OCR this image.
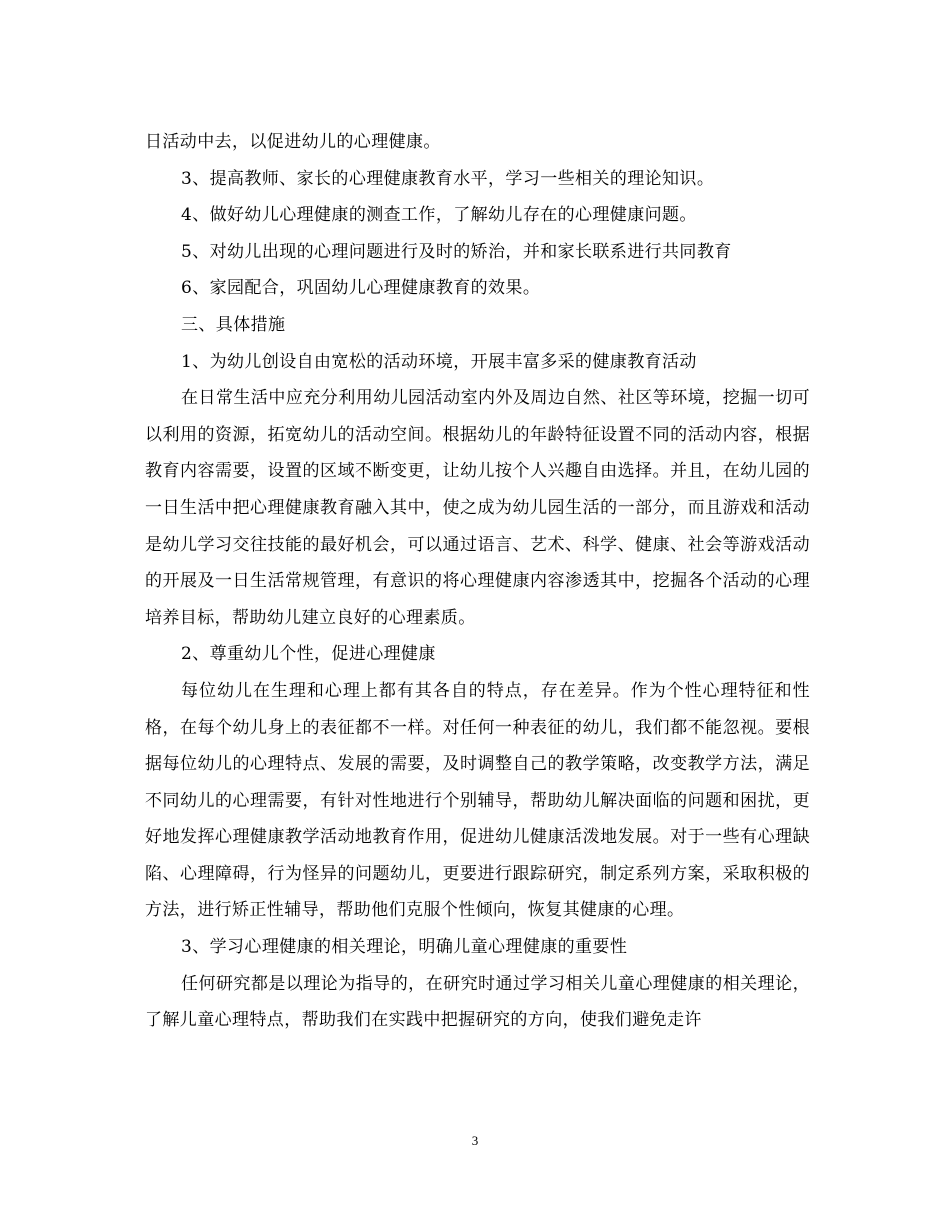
日活动中去，以促进幼儿的心理健康。

3、提高教师、家长的心理健康教育水平，学习一些相关的理论知识。

4、做好幼儿心理健康的测查工作，了解幼儿存在的心理健康问题。

5、对幼儿出现的心理问题进行及时的矫治，并和家长联系进行共同教育

6、家园配合，巩固幼儿心理健康教育的效果。

三、具体措施

1、为幼儿创设自由宽松的活动环境，开展丰富多采的健康教育活动

在日常生活中应充分利用幼儿园活动室内外及周边自然、社区等环境，挖掘一切可以利用的资源，拓宽幼儿的活动空间。根据幼儿的年龄特征设置不同的活动内容，根据教育内容需要，设置的区域不断变更，让幼儿按个人兴趣自由选择。并且，在幼儿园的一日生活中把心理健康教育融入其中，使之成为幼儿园生活的一部分，而且游戏和活动是幼儿学习交往技能的最好机会，可以通过语言、艺术、科学、健康、社会等游戏活动的开展及一日生活常规管理，有意识的将心理健康内容渗透其中，挖掘各个活动的心理培养目标，帮助幼儿建立良好的心理素质。

2、尊重幼儿个性，促进心理健康

每位幼儿在生理和心理上都有其各自的特点，存在差异。作为个性心理特征和性格，在每个幼儿身上的表征都不一样。对任何一种表征的幼儿，我们都不能忽视。要根据每位幼儿的心理特点、发展的需要，及时调整自己的教学策略，改变教学方法，满足不同幼儿的心理需要，有针对性地进行个别辅导，帮助幼儿解决面临的问题和困扰，更好地发挥心理健康教学活动地教育作用，促进幼儿健康活泼地发展。对于一些有心理缺陷、心理障碍，行为怪异的问题幼儿，更要进行跟踪研究，制定系列方案，采取积极的方法，进行矫正性辅导，帮助他们克服个性倾向，恢复其健康的心理。

3、学习心理健康的相关理论，明确儿童心理健康的重要性

任何研究都是以理论为指导的，在研究时通过学习相关儿童心理健康的相关理论，了解儿童心理特点，帮助我们在实践中把握研究的方向，使我们避免走许

3
